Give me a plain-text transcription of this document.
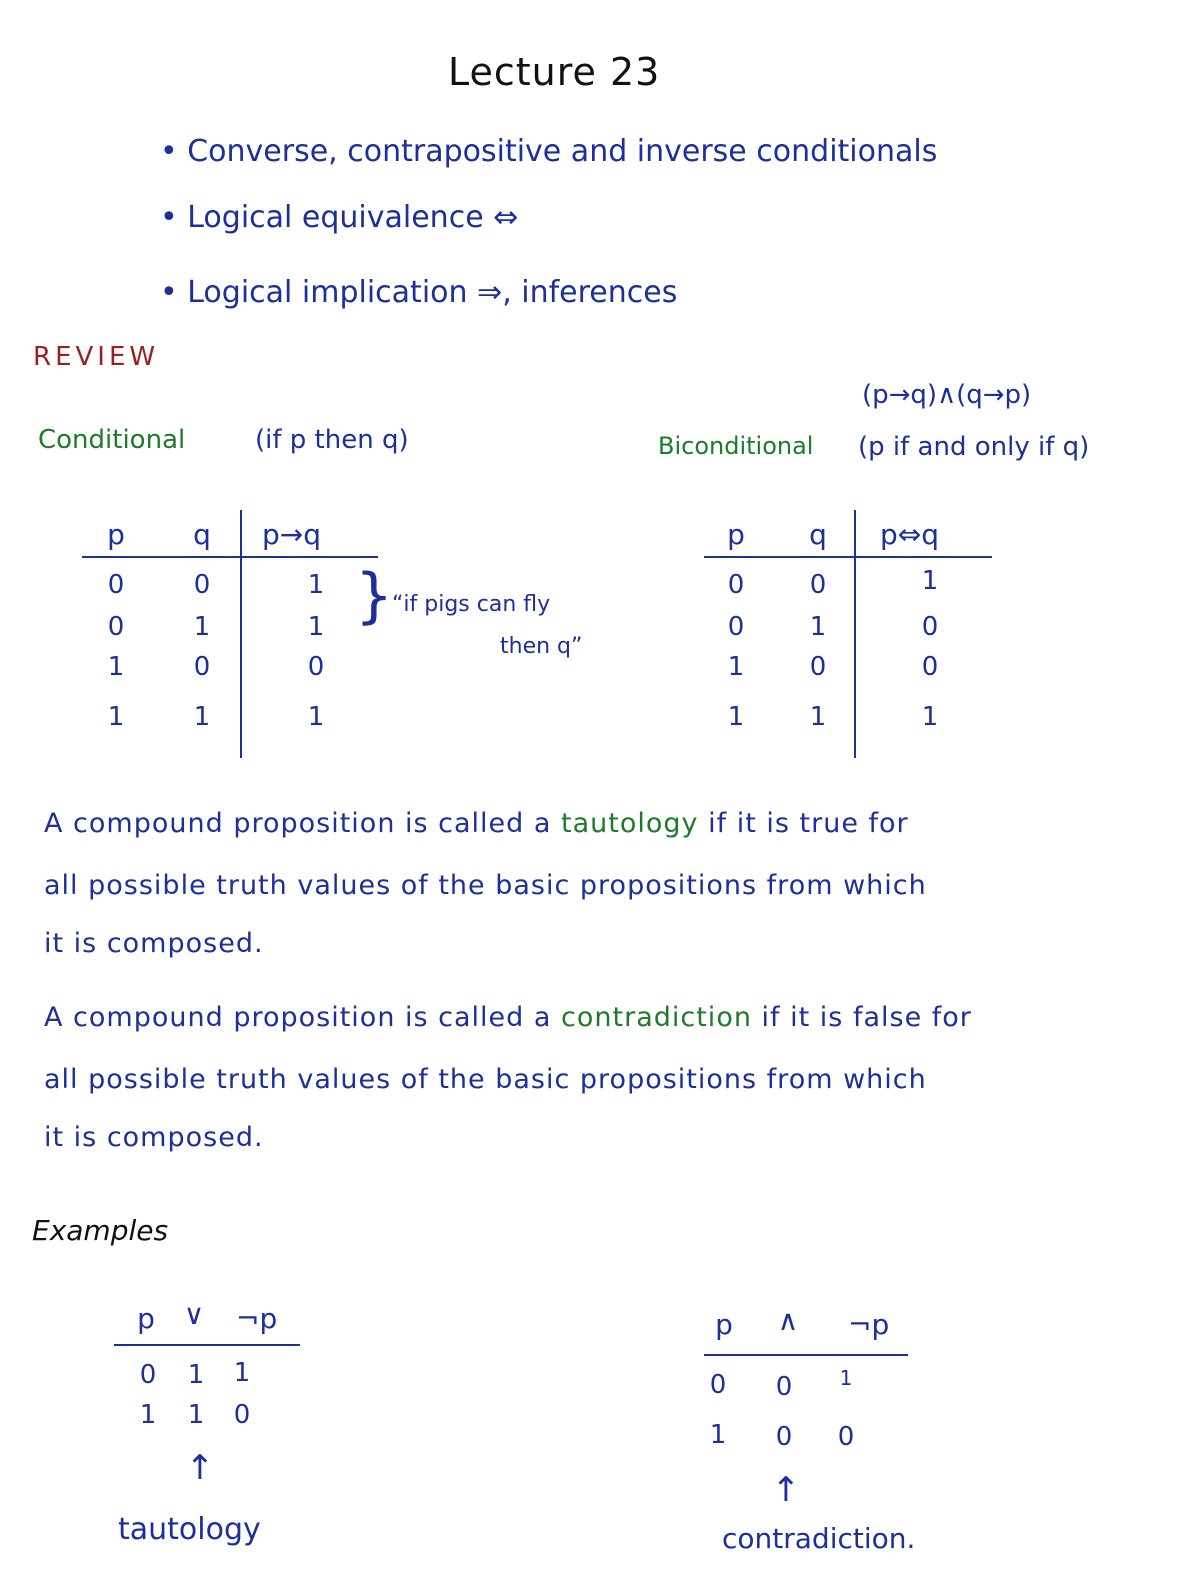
Lecture 23
• Converse, contrapositive and inverse conditionals
• Logical equivalence ⇔
• Logical implication ⇒, inferences
REVIEW
(p→q)∧(q→p)
Conditional	(if p then q)	Biconditional (p if and only if q)
p	q	p→q
0	0	1
0	1	1
1	0	0
1	1	1
}
“if pigs can fly
then q”
p	q	p⇔q
0	0	1
0	1	0
1	0	0
1	1	1
A compound proposition is called a tautology if it is true for
all possible truth values of the basic propositions from which
it is composed.
A compound proposition is called a contradiction if it is false for
all possible truth values of the basic propositions from which
it is composed.
Examples
p	∨	¬p
0	1	1
1	1	0
↑
tautology
p	∧	¬p
0	0	1
1	0	0
↑
contradiction.
